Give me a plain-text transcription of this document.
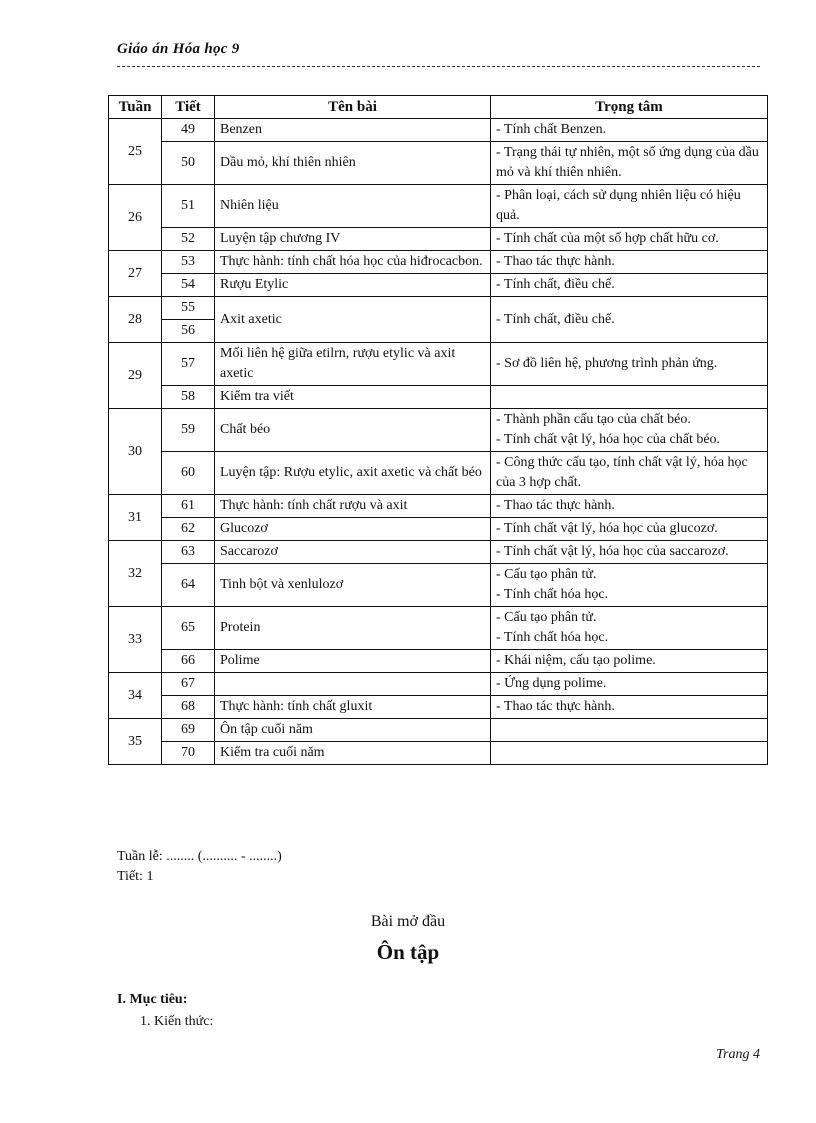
Giáo án Hóa học 9
Tuần	Tiết	Tên bài	Trọng tâm
25	49	Benzen	- Tính chất Benzen.

	50	Dầu mỏ, khí thiên nhiên	- Trạng thái tự nhiên, một số ứng dụng của dầu mỏ và khí thiên nhiên.

26	51	Nhiên liệu	- Phân loại, cách sử dụng nhiên liệu có hiệu quả.

	52	Luyện tập chương IV	- Tính chất của một số hợp chất hữu cơ.

27	53	Thực hành: tính chất hóa học của hiđrocacbon.	- Thao tác thực hành.

	54	Rượu Etylic	- Tính chất, điều chế.

28	55	Axit axetic	- Tính chất, điều chế.

	56		
29	57	Mối liên hệ giữa etilrn, rượu etylic và axit axetic	- Sơ đồ liên hệ, phương trình phản ứng.

	58	Kiểm tra viết	
30	59	Chất béo	- Thành phần cấu tạo của chất béo.
- Tính chất vật lý, hóa học của chất béo.

	60	Luyện tập: Rượu etylic, axit axetic và chất béo	- Công thức cấu tạo, tính chất vật lý, hóa học của 3 hợp chất.

31	61	Thực hành: tính chất rượu và axit	- Thao tác thực hành.

	62	Glucozơ	- Tính chất vật lý, hóa học của glucozơ.

32	63	Saccarozơ	- Tính chất vật lý, hóa học của saccarozơ.

	64	Tinh bột và xenlulozơ	- Cấu tạo phân tử.
- Tính chất hóa học.

33	65	Protein	- Cấu tạo phân tử.
- Tính chất hóa học.

	66	Polime	- Khái niệm, cấu tạo polime.

34	67		- Ứng dụng polime.

	68	Thực hành: tính chất gluxit	- Thao tác thực hành.

35	69	Ôn tập cuối năm	
	70	Kiểm tra cuối năm	
Tuần lễ: ........ (.......... - ........)
Tiết: 1
Bài mở đầu
Ôn tập
I. Mục tiêu:
1. Kiến thức:
Trang 4
